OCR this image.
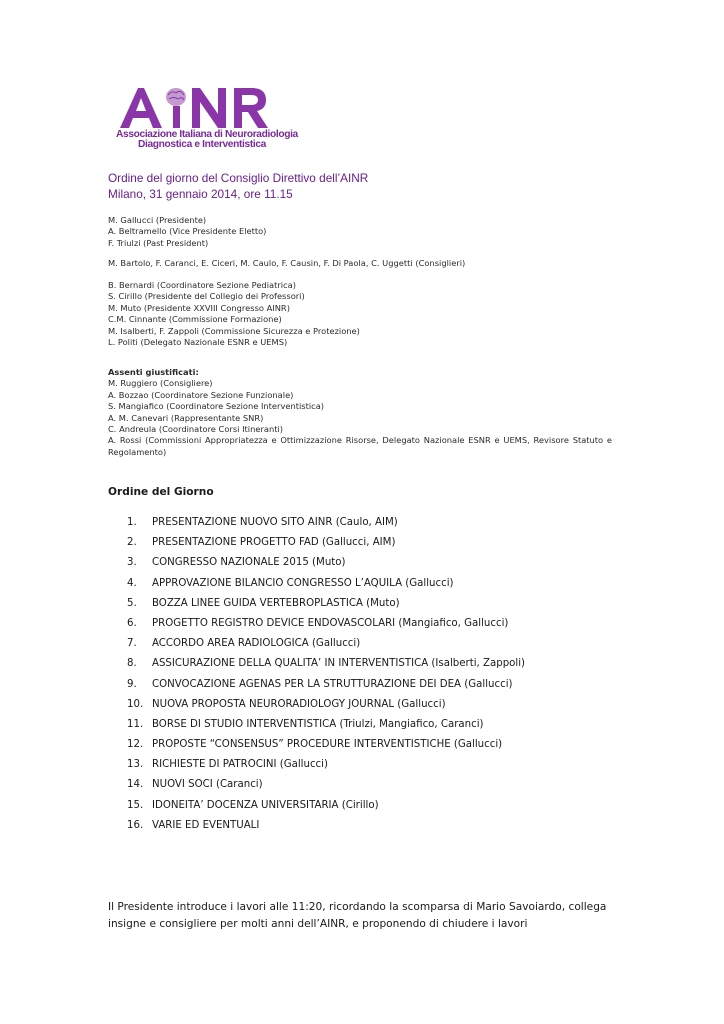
AINR
Associazione Italiana di Neuroradiologia
Diagnostica e Interventistica
Ordine del giorno del Consiglio Direttivo dell’AINR
Milano, 31 gennaio 2014, ore 11.15
M. Gallucci (Presidente)
A. Beltramello (Vice Presidente Eletto)
F. Triulzi (Past President)
M. Bartolo, F. Caranci, E. Ciceri, M. Caulo, F. Causin, F. Di Paola, C. Uggetti (Consiglieri)
B. Bernardi (Coordinatore Sezione Pediatrica)
S. Cirillo (Presidente del Collegio dei Professori)
M. Muto (Presidente XXVIII Congresso AINR)
C.M. Cinnante (Commissione Formazione)
M. Isalberti, F. Zappoli (Commissione Sicurezza e Protezione)
L. Politi (Delegato Nazionale ESNR e UEMS)
Assenti giustificati:
M. Ruggiero (Consigliere)
A. Bozzao (Coordinatore Sezione Funzionale)
S. Mangiafico (Coordinatore Sezione Interventistica)
A. M. Canevari (Rappresentante SNR)
C. Andreula (Coordinatore Corsi Itineranti)
A. Rossi (Commissioni Appropriatezza e Ottimizzazione Risorse, Delegato Nazionale ESNR e UEMS, Revisore Statuto e Regolamento)
Ordine del Giorno
1.	PRESENTAZIONE NUOVO SITO AINR (Caulo, AIM)
2.	PRESENTAZIONE PROGETTO FAD (Gallucci, AIM)
3.	CONGRESSO NAZIONALE 2015 (Muto)
4.	APPROVAZIONE BILANCIO CONGRESSO L’AQUILA (Gallucci)
5.	BOZZA LINEE GUIDA VERTEBROPLASTICA (Muto)
6.	PROGETTO REGISTRO DEVICE ENDOVASCOLARI (Mangiafico, Gallucci)
7.	ACCORDO AREA RADIOLOGICA (Gallucci)
8.	ASSICURAZIONE DELLA QUALITA’ IN INTERVENTISTICA (Isalberti, Zappoli)
9.	CONVOCAZIONE AGENAS PER LA STRUTTURAZIONE DEI DEA (Gallucci)
10. NUOVA PROPOSTA NEURORADIOLOGY JOURNAL (Gallucci)
11. BORSE DI STUDIO INTERVENTISTICA (Triulzi, Mangiafico, Caranci)
12. PROPOSTE “CONSENSUS” PROCEDURE INTERVENTISTICHE (Gallucci)
13. RICHIESTE DI PATROCINI (Gallucci)
14. NUOVI SOCI (Caranci)
15. IDONEITA’ DOCENZA UNIVERSITARIA (Cirillo)
16. VARIE ED EVENTUALI
Il Presidente introduce i lavori alle 11:20, ricordando la scomparsa di Mario Savoiardo, collega insigne e consigliere per molti anni dell’AINR, e proponendo di chiudere i lavori
